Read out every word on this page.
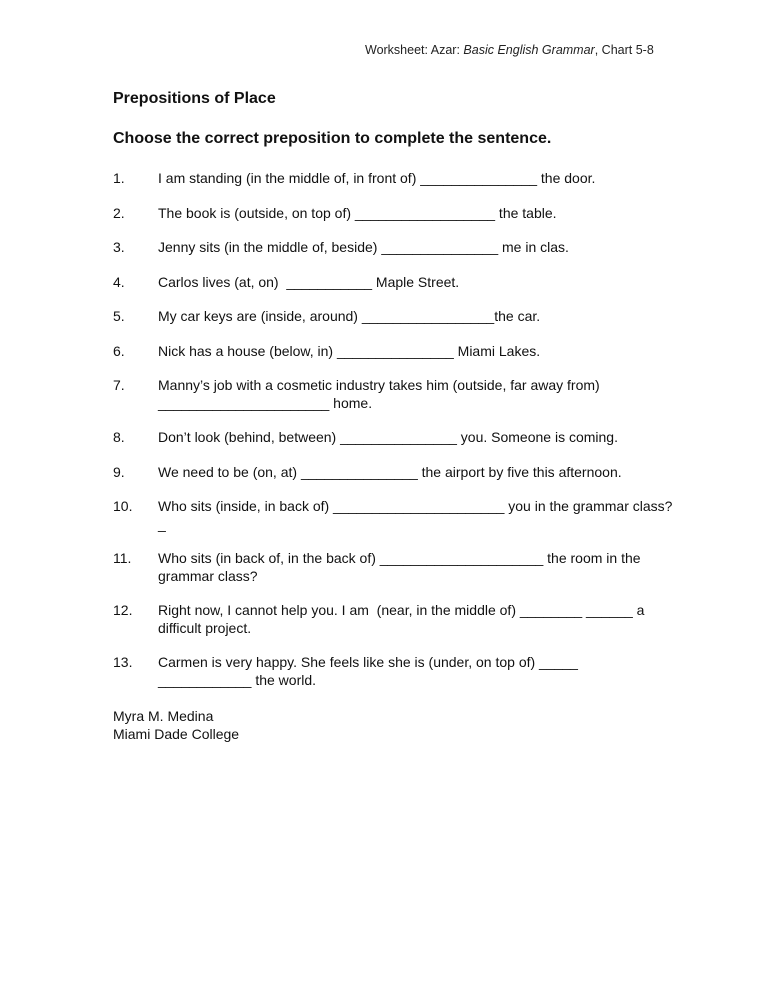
Worksheet: Azar: Basic English Grammar, Chart 5-8
Prepositions of Place
Choose the correct preposition to complete the sentence.
1.	I am standing (in the middle of, in front of) _______________ the door.
2.	The book is (outside, on top of) __________________ the table.
3.	Jenny sits (in the middle of, beside) _______________ me in clas.
4.	Carlos lives (at, on)  ___________ Maple Street.
5.	My car keys are (inside, around) _________________the car.
6.	Nick has a house (below, in) _______________ Miami Lakes.
7.	Manny’s job with a cosmetic industry takes him (outside, far away from) ______________________ home.
8.	Don’t look (behind, between) _______________ you. Someone is coming.
9.	We need to be (on, at) _______________ the airport by five this afternoon.
10.	Who sits (inside, in back of) ______________________ you in the grammar class?_
11.	Who sits (in back of, in the back of) _____________________ the room in the grammar class?
12.	Right now, I cannot help you. I am  (near, in the middle of) ________ ______ a difficult project.
13.	Carmen is very happy. She feels like she is (under, on top of) _____ ____________ the world.
Myra M. Medina
Miami Dade College
